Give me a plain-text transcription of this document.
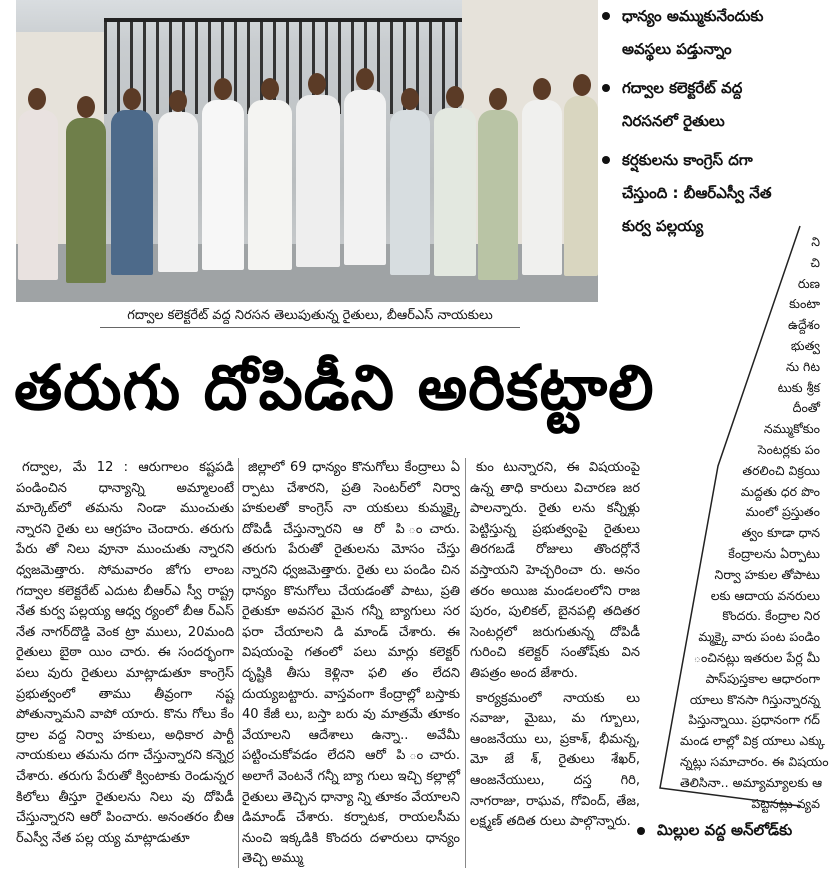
గద్వాల కలెక్టరేట్ వద్ద నిరసన తెలుపుతున్న రైతులు, బీఆర్ఎస్ నాయకులు
తరుగు దోపిడీని అరికట్టాలి
ధాన్యం అమ్ముకునేందుకు అవస్థలు పడ్తున్నాం
గద్వాల కలెక్టరేట్ వద్ద నిరసనలో రైతులు
కర్షకులను కాంగ్రెస్ దగా చేస్తుంది : బీఆర్ఎస్వీ నేత కుర్వ పల్లయ్య
ని
చి
రుణ
కుంటా
ఉద్దేశం
భుత్వ
ను గిట
టుకు శ్రీక
దీంతో
నమ్ముకోకుం
సెంటర్లకు పం
తరలించి విక్రయి
మద్దతు ధర పొం
మంలో ప్రస్తుతం
త్వం కూడా ధాన
కేంద్రాలను ఏర్పాటు
నిర్వా హకుల తోపాటు
లకు ఆదాయ వనరులు
కొందరు. కేంద్రాల నిర
మ్మక్కై వారు పంట పండిం
ంచినట్లు ఇతరుల పేర్ల మీ
పాస్‌పుస్తకాల ఆధారంగా
యాలు కొనసా గిస్తున్నారన్న
పిస్తున్నాయి. ప్రధానంగా గద్
మండ లాల్లో విక్ర యాలు ఎక్కు
న్నట్లు సమాచారం. ఈ విషయం
తెలిసినా.. అమ్యామ్యాలకు ఆ
పట్టనట్లు వ్యవ

గద్వాల, మే 12 : ఆరుగాలం కష్టపడి పండించిన ధాన్యాన్ని అమ్మాలంటే మార్కెట్‌లో తమను నిండా ముంచుతు న్నారని రైతు లు ఆగ్రహం చెందారు. తరుగు పేరు తో నిలు వూనా ముంచుతు న్నారని ధ్వజమెత్తారు. సోమవారం జోగు లాంబ గద్వాల కలెక్టరేట్ ఎదుట బీఆర్ఎ స్వీ రాష్ట్ర నేత కుర్వ పల్లయ్య ఆధ్వ ర్యంలో బీఆ ర్ఎస్ నేత నాగర్‌దొడ్డి వెంక ట్రా ములు, 20మంది రైతులు బైఠా యిం చారు. ఈ సందర్భంగా పలు వురు రైతులు మాట్లాడుతూ కాంగ్రెస్ ప్రభుత్వంలో తాము తీవ్రంగా నష్ట పోతున్నామని వాపో యారు. కొను గోలు కేం ద్రాల వద్ద నిర్వా హకులు, అధికార పార్టీ నాయకులు తమను దగా చేస్తున్నారని కన్నెర్ర చేశారు. తరుగు పేరుతో క్వింటాకు రెండున్నర కిలోలు తీస్తూ రైతులను నిలు వు దోపిడీ చేస్తున్నారని ఆరో పించారు. అనంతరం బీఆ ర్ఎస్వీ నేత పల్ల య్య మాట్లాడుతూ

జిల్లాలో 69 ధాన్యం కొనుగోలు కేంద్రాలు ఏ ర్పాటు చేశారని, ప్రతి సెంటర్‌లో నిర్వా హకులతో కాంగ్రెస్ నా యకులు కుమ్మక్కై దోపిడీ చేస్తున్నారని ఆ రో పి ంచారు. తరుగు పేరుతో రైతులను మోసం చేస్తు న్నారని ధ్వజమెత్తారు. రైతు లు పండిం చిన ధాన్యం కొనుగోలు చేయడంతో పాటు, ప్రతి రైతుకూ అవసర మైన గన్నీ బ్యాగులు సర ఫరా చేయాలని డి మాండ్ చేశారు. ఈ విషయంపై గతంలో పలు మార్లు కలెక్టర్ దృష్టికి తీసు కెళ్లినా ఫలి తం లేదని దుయ్యబట్టారు. వాస్తవంగా కేంద్రాల్లో బస్తాకు 40 కేజీ లు, బస్తా బరు వు మాత్రమే తూకం వేయాలని ఆదేశాలు ఉన్నా.. అవేమీ పట్టించుకోవడం లేదని ఆరో పి ంచారు. అలాగే వెంటనే గన్నీ బ్యా గులు ఇచ్చి కల్లాల్లో రైతులు తెచ్చిన ధాన్యా న్ని తూకం వేయాలని డిమాండ్ చేశారు. కర్నాటక, రాయలసీమ నుంచి ఇక్కడికి కొందరు దళారులు ధాన్యం తెచ్చి అమ్ము

కుం టున్నారని, ఈ విషయంపై ఉన్న తాధి కారులు విచారణ జర పాలన్నారు. రైతు లను కన్నీళ్లు పెట్టిస్తున్న ప్రభుత్వంపై రైతులు తిరగబడే రోజులు తొందర్లోనే వస్తాయని హెచ్చరించా రు. అనం తరం అయిజ మండలంలోని రాజ పురం, పులికల్, బైనపల్లి తదితర సెంటర్లలో జరుగుతున్న దోపిడీ గురించి కలెక్టర్ సంతోష్‌కు విన తిపత్రం అంద జేశారు.

కార్యక్రమంలో నాయకు లు నవాజు, మైబు, మ గ్బూలు, ఆంజనేయు లు, ప్రకాశ్, భీమన్న, మో జే శ్, రైతులు శేఖర్, ఆంజనేయులు, దస్త గిరి, నాగరాజు, రాఘవ, గోవింద్, తేజ, లక్ష్మణ్ తదిత రులు పాల్గొన్నారు.	మిల్లుల వద్ద అన్‌లోడ్‌కు
